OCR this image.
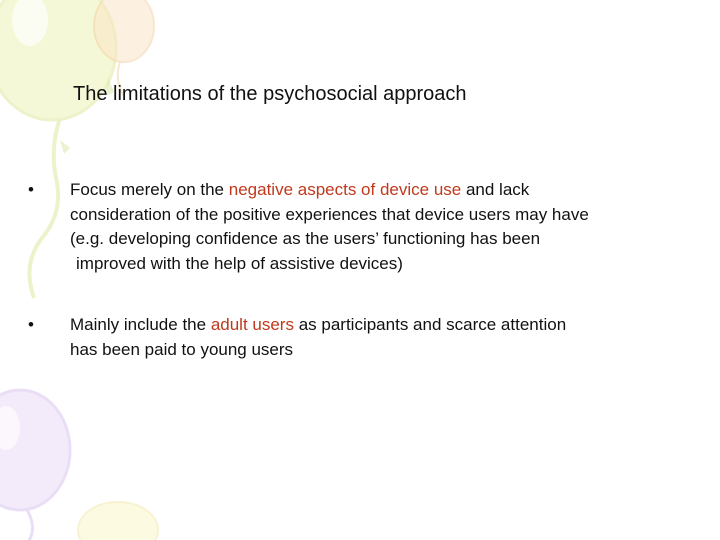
The limitations of the psychosocial approach
• Focus merely on the negative aspects of device use and lack
consideration of the positive experiences that device users may have
(e.g. developing confidence as the users’ functioning has been
improved with the help of assistive devices)
• Mainly include the adult users as participants and scarce attention
has been paid to young users
